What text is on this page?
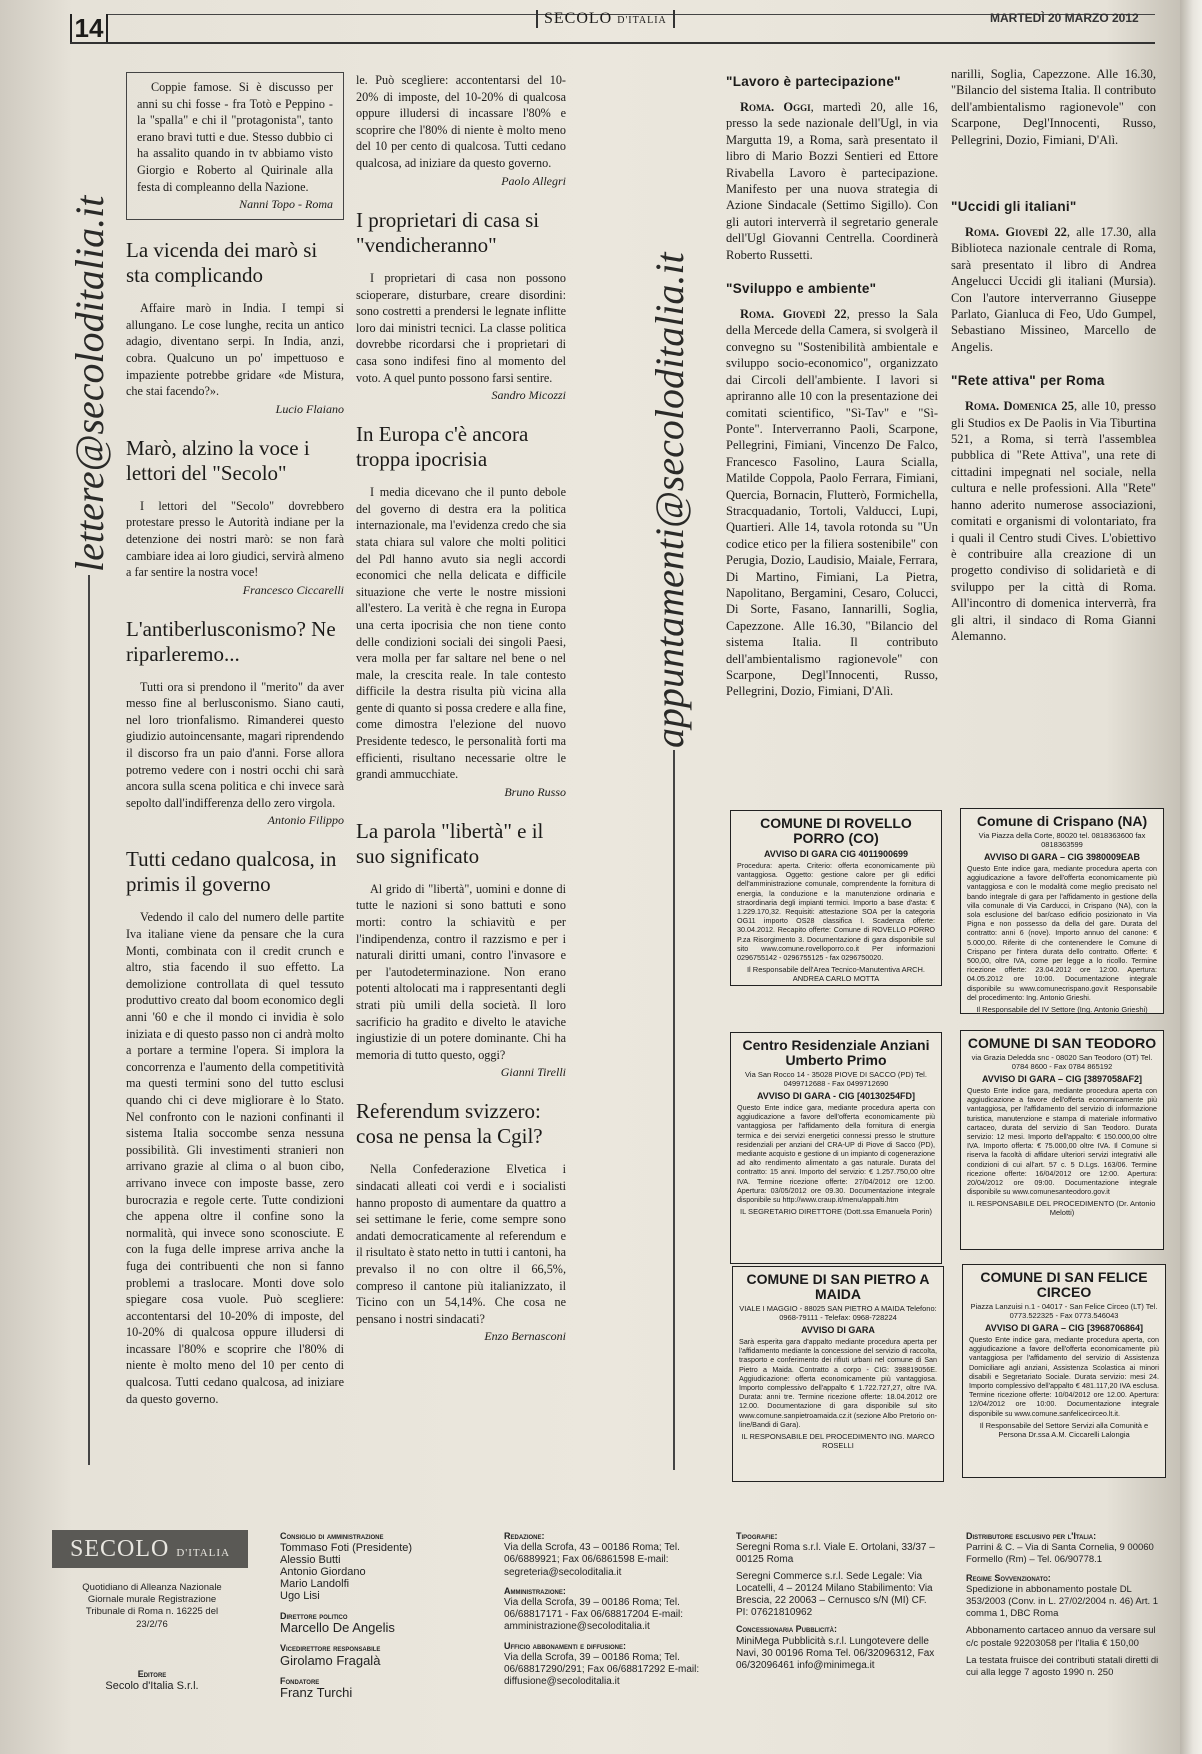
14	SECOLO D'ITALIA	MARTEDÌ 20 MARZO 2012
lettere@secoloditalia.it	appuntamenti@secoloditalia.it

Coppie famose. Si è discusso per anni su chi fosse - fra Totò e Peppino - la "spalla" e chi il "protagonista", tanto erano bravi tutti e due. Stesso dubbio ci ha assalito quando in tv abbiamo visto Giorgio e Roberto al Quirinale alla festa di compleanno della Nazione.

Nanni Topo - Roma
La vicenda dei marò si sta complicando

Affaire marò in India. I tempi si allungano. Le cose lunghe, recita un antico adagio, diventano serpi. In India, anzi, cobra. Qualcuno un po' impettuoso e impaziente potrebbe gridare «de Mistura, che stai facendo?».

Lucio Flaiano
Marò, alzino la voce i lettori del "Secolo"

I lettori del "Secolo" dovrebbero protestare presso le Autorità indiane per la detenzione dei nostri marò: se non farà cambiare idea ai loro giudici, servirà almeno a far sentire la nostra voce!

Francesco Ciccarelli
L'antiberlusconismo? Ne riparleremo...

Tutti ora si prendono il "merito" da aver messo fine al berlusconismo. Siano cauti, nel loro trionfalismo. Rimanderei questo giudizio autoincensante, magari riprendendo il discorso fra un paio d'anni. Forse allora potremo vedere con i nostri occhi chi sarà ancora sulla scena politica e chi invece sarà sepolto dall'indifferenza dello zero virgola.

Antonio Filippo
Tutti cedano qualcosa, in primis il governo

Vedendo il calo del numero delle partite Iva italiane viene da pensare che la cura Monti, combinata con il credit crunch e altro, stia facendo il suo effetto. La demolizione controllata di quel tessuto produttivo creato dal boom economico degli anni '60 e che il mondo ci invidia è solo iniziata e di questo passo non ci andrà molto a portare a termine l'opera. Si implora la concorrenza e l'aumento della competitività ma questi termini sono del tutto esclusi quando chi ci deve migliorare è lo Stato. Nel confronto con le nazioni confinanti il sistema Italia soccombe senza nessuna possibilità. Gli investimenti stranieri non arrivano grazie al clima o al buon cibo, arrivano invece con imposte basse, zero burocrazia e regole certe. Tutte condizioni che appena oltre il confine sono la normalità, qui invece sono sconosciute. E con la fuga delle imprese arriva anche la fuga dei contribuenti che non si fanno problemi a traslocare. Monti dove solo spiegare cosa vuole. Può scegliere: accontentarsi del 10-20% di imposte, del 10-20% di qualcosa oppure illudersi di incassare l'80% e scoprire che l'80% di niente è molto meno del 10 per cento di qualcosa. Tutti cedano qualcosa, ad iniziare da questo governo.

le. Può scegliere: accontentarsi del 10-20% di imposte, del 10-20% di qualcosa oppure illudersi di incassare l'80% e scoprire che l'80% di niente è molto meno del 10 per cento di qualcosa. Tutti cedano qualcosa, ad iniziare da questo governo.

Paolo Allegri
I proprietari di casa si "vendicheranno"

I proprietari di casa non possono scioperare, disturbare, creare disordini: sono costretti a prendersi le legnate inflitte loro dai ministri tecnici. La classe politica dovrebbe ricordarsi che i proprietari di casa sono indifesi fino al momento del voto. A quel punto possono farsi sentire.

Sandro Micozzi
In Europa c'è ancora troppa ipocrisia

I media dicevano che il punto debole del governo di destra era la politica internazionale, ma l'evidenza credo che sia stata chiara sul valore che molti politici del Pdl hanno avuto sia negli accordi economici che nella delicata e difficile situazione che verte le nostre missioni all'estero. La verità è che regna in Europa una certa ipocrisia che non tiene conto delle condizioni sociali dei singoli Paesi, vera molla per far saltare nel bene o nel male, la crescita reale. In tale contesto difficile la destra risulta più vicina alla gente di quanto si possa credere e alla fine, come dimostra l'elezione del nuovo Presidente tedesco, le personalità forti ma efficienti, risultano necessarie oltre le grandi ammucchiate.

Bruno Russo
La parola "libertà" e il suo significato

Al grido di "libertà", uomini e donne di tutte le nazioni si sono battuti e sono morti: contro la schiavitù e per l'indipendenza, contro il razzismo e per i naturali diritti umani, contro l'invasore e per l'autodeterminazione. Non erano potenti altolocati ma i rappresentanti degli strati più umili della società. Il loro sacrificio ha gradito e divelto le ataviche ingiustizie di un potere dominante. Chi ha memoria di tutto questo, oggi?

Gianni Tirelli
Referendum svizzero: cosa ne pensa la Cgil?

Nella Confederazione Elvetica i sindacati alleati coi verdi e i socialisti hanno proposto di aumentare da quattro a sei settimane le ferie, come sempre sono andati democraticamente al referendum e il risultato è stato netto in tutti i cantoni, ha prevalso il no con oltre il 66,5%, compreso il cantone più italianizzato, il Ticino con un 54,14%. Che cosa ne pensano i nostri sindacati?

Enzo Bernasconi
"Lavoro è partecipazione"

Roma. Oggi, martedì 20, alle 16, presso la sede nazionale dell'Ugl, in via Margutta 19, a Roma, sarà presentato il libro di Mario Bozzi Sentieri ed Ettore Rivabella Lavoro è partecipazione. Manifesto per una nuova strategia di Azione Sindacale (Settimo Sigillo). Con gli autori interverrà il segretario generale dell'Ugl Giovanni Centrella. Coordinerà Roberto Russetti.

"Sviluppo e ambiente"

Roma. Giovedì 22, presso la Sala della Mercede della Camera, si svolgerà il convegno su "Sostenibilità ambientale e sviluppo socio-economico", organizzato dai Circoli dell'ambiente. I lavori si apriranno alle 10 con la presentazione dei comitati scientifico, "Sì-Tav" e "Sì-Ponte". Interverranno Paoli, Scarpone, Pellegrini, Fimiani, Vincenzo De Falco, Francesco Fasolino, Laura Scialla, Matilde Coppola, Paolo Ferrara, Fimiani, Quercia, Bornacin, Flutterò, Formichella, Stracquadanio, Tortoli, Valducci, Lupi, Quartieri. Alle 14, tavola rotonda su "Un codice etico per la filiera sostenibile" con Perugia, Dozio, Laudisio, Maiale, Ferrara, Di Martino, Fimiani, La Pietra, Napolitano, Bergamini, Cesaro, Colucci, Di Sorte, Fasano, Iannarilli, Soglia, Capezzone. Alle 16.30, "Bilancio del sistema Italia. Il contributo dell'ambientalismo ragionevole" con Scarpone, Degl'Innocenti, Russo, Pellegrini, Dozio, Fimiani, D'Alì.

narilli, Soglia, Capezzone. Alle 16.30, "Bilancio del sistema Italia. Il contributo dell'ambientalismo ragionevole" con Scarpone, Degl'Innocenti, Russo, Pellegrini, Dozio, Fimiani, D'Alì.

"Uccidi gli italiani"

Roma. Giovedì 22, alle 17.30, alla Biblioteca nazionale centrale di Roma, sarà presentato il libro di Andrea Angelucci Uccidi gli italiani (Mursia). Con l'autore interverranno Giuseppe Parlato, Gianluca di Feo, Udo Gumpel, Sebastiano Missineo, Marcello de Angelis.

"Rete attiva" per Roma

Roma. Domenica 25, alle 10, presso gli Studios ex De Paolis in Via Tiburtina 521, a Roma, si terrà l'assemblea pubblica di "Rete Attiva", una rete di cittadini impegnati nel sociale, nella cultura e nelle professioni. Alla "Rete" hanno aderito numerose associazioni, comitati e organismi di volontariato, fra i quali il Centro studi Cives. L'obiettivo è contribuire alla creazione di un progetto condiviso di solidarietà e di sviluppo per la città di Roma. All'incontro di domenica interverrà, fra gli altri, il sindaco di Roma Gianni Alemanno.

COMUNE DI ROVELLO PORRO (CO)
AVVISO DI GARA CIG 4011900699
Procedura: aperta. Criterio: offerta economicamente più vantaggiosa. Oggetto: gestione calore per gli edifici dell'amministrazione comunale, comprendente la fornitura di energia, la conduzione e la manutenzione ordinaria e straordinaria degli impianti termici. Importo a base d'asta: € 1.229.170,32. Requisiti: attestazione SOA per la categoria OG11 importo OS28 classifica I. Scadenza offerte: 30.04.2012. Recapito offerte: Comune di ROVELLO PORRO P.za Risorgimento 3. Documentazione di gara disponibile sul sito www.comune.rovelloporro.co.it Per informazioni 0296755142 - 0296755125 - fax 0296750020.
Il Responsabile dell'Area Tecnico-Manutentiva ARCH. ANDREA CARLO MOTTA
Comune di Crispano (NA)
Via Piazza della Corte, 80020 tel. 0818363600 fax 0818363599
AVVISO DI GARA – CIG 3980009EAB
Questo Ente indice gara, mediante procedura aperta con aggiudicazione a favore dell'offerta economicamente più vantaggiosa e con le modalità come meglio precisato nel bando integrale di gara per l'affidamento in gestione della villa comunale di Via Carducci, in Crispano (NA), con la sola esclusione del bar/caso edificio posizionato in Via Pigna e non possesso da della del gare. Durata del contratto: anni 6 (nove). Importo annuo del canone: € 5.000,00. Riferite di che contenendere le Comune di Crispano per l'intera durata dello contratto. Offerte: € 500,00, oltre IVA, come per legge a lo ricollo. Termine ricezione offerte: 23.04.2012 ore 12:00. Apertura: 04.05.2012 ore 10:00. Documentazione integrale disponibile su www.comunecrispano.gov.it Responsabile del procedimento: Ing. Antonio Grieshi.
Il Responsabile del IV Settore (Ing. Antonio Grieshi)
Centro Residenziale Anziani Umberto Primo
Via San Rocco 14 - 35028 PIOVE DI SACCO (PD) Tel. 0499712688 - Fax 0499712690
AVVISO DI GARA - CIG [40130254FD]
Questo Ente indice gara, mediante procedura aperta con aggiudicazione a favore dell'offerta economicamente più vantaggiosa per l'affidamento della fornitura di energia termica e dei servizi energetici connessi presso le strutture residenziali per anziani del CRA-UP di Piove di Sacco (PD), mediante acquisto e gestione di un impianto di cogenerazione ad alto rendimento alimentato a gas naturale. Durata del contratto: 15 anni. Importo del servizio: € 1.257.750,00 oltre IVA. Termine ricezione offerte: 27/04/2012 ore 12:00. Apertura: 03/05/2012 ore 09.30. Documentazione integrale disponibile su http://www.craup.it/menu/appalti.htm
IL SEGRETARIO DIRETTORE (Dott.ssa Emanuela Porin)
COMUNE DI SAN TEODORO
via Grazia Deledda snc - 08020 San Teodoro (OT) Tel. 0784 8600 - Fax 0784 865192
AVVISO DI GARA – CIG [3897058AF2]
Questo Ente indice gara, mediante procedura aperta con aggiudicazione a favore dell'offerta economicamente più vantaggiosa, per l'affidamento del servizio di informazione turistica, manutenzione e stampa di materiale informativo cartaceo, durata del servizio di San Teodoro. Durata servizio: 12 mesi. Importo dell'appalto: € 150.000,00 oltre IVA. Importo offerta: € 75.000,00 oltre IVA. Il Comune si riserva la facoltà di affidare ulteriori servizi integrativi alle condizioni di cui all'art. 57 c. 5 D.Lgs. 163/06. Termine ricezione offerte: 16/04/2012 ore 12:00. Apertura: 20/04/2012 ore 09:00. Documentazione integrale disponibile su www.comunesanteodoro.gov.it
IL RESPONSABILE DEL PROCEDIMENTO (Dr. Antonio Melotti)
COMUNE DI SAN PIETRO A MAIDA
VIALE I MAGGIO - 88025 SAN PIETRO A MAIDA Telefono: 0968-79111 - Telefax: 0968-728224
AVVISO DI GARA
Sarà esperita gara d'appalto mediante procedura aperta per l'affidamento mediante la concessione del servizio di raccolta, trasporto e conferimento dei rifiuti urbani nel comune di San Pietro a Maida. Contratto a corpo - CIG: 398819056E. Aggiudicazione: offerta economicamente più vantaggiosa. Importo complessivo dell'appalto € 1.722.727,27, oltre IVA. Durata: anni tre. Termine ricezione offerte: 18.04.2012 ore 12.00. Documentazione di gara disponibile sul sito www.comune.sanpietroamaida.cz.it (sezione Albo Pretorio on-line/Bandi di Gara).
IL RESPONSABILE DEL PROCEDIMENTO ING. MARCO ROSELLI
COMUNE DI SAN FELICE CIRCEO
Piazza Lanzuisi n.1 - 04017 - San Felice Circeo (LT) Tel. 0773.522325 - Fax 0773.546043
AVVISO DI GARA – CIG [3968706864]
Questo Ente indice gara, mediante procedura aperta, con aggiudicazione a favore dell'offerta economicamente più vantaggiosa per l'affidamento del servizio di Assistenza Domiciliare agli anziani, Assistenza Scolastica ai minori disabili e Segretariato Sociale. Durata servizio: mesi 24. Importo complessivo dell'appalto € 481.117,20 IVA esclusa. Termine ricezione offerte: 10/04/2012 ore 12.00. Apertura: 12/04/2012 ore 10:00. Documentazione integrale disponibile su www.comune.sanfelicecirceo.lt.it.
Il Responsabile del Settore Servizi alla Comunità e Persona Dr.ssa A.M. Ciccarelli Lalongia
SECOLO D'ITALIA
Quotidiano di Alleanza Nazionale Giornale murale Registrazione Tribunale di Roma n. 16225 del 23/2/76
Editore
Secolo d'Italia S.r.l.
Consiglio di amministrazione
Tommaso Foti (Presidente)
Alessio Butti
Antonio Giordano
Mario Landolfi
Ugo Lisi
Direttore politico
Marcello De Angelis
Vicedirettore responsabile
Girolamo Fragalà
Fondatore
Franz Turchi
Redazione:
Via della Scrofa, 43 – 00186 Roma; Tel. 06/6889921; Fax 06/6861598 E-mail: segreteria@secoloditalia.it
Amministrazione:
Via della Scrofa, 39 – 00186 Roma; Tel. 06/68817171 - Fax 06/68817204 E-mail: amministrazione@secoloditalia.it
Ufficio abbonamenti e diffusione:
Via della Scrofa, 39 – 00186 Roma; Tel. 06/68817290/291; Fax 06/68817292 E-mail: diffusione@secoloditalia.it
Tipografie:
Seregni Roma s.r.l. Viale E. Ortolani, 33/37 – 00125 Roma
Seregni Commerce s.r.l. Sede Legale: Via Locatelli, 4 – 20124 Milano Stabilimento: Via Brescia, 22 20063 – Cernusco s/N (MI) CF. PI: 07621810962
Concessionaria Pubblicità:
MiniMega Pubblicità s.r.l. Lungotevere delle Navi, 30 00196 Roma Tel. 06/32096312, Fax 06/32096461 info@minimega.it
Distributore esclusivo per l'Italia:
Parrini & C. – Via di Santa Cornelia, 9 00060 Formello (Rm) – Tel. 06/90778.1
Regime Sovvenzionato:
Spedizione in abbonamento postale DL 353/2003 (Conv. in L. 27/02/2004 n. 46) Art. 1 comma 1, DBC Roma
Abbonamento cartaceo annuo da versare sul c/c postale 92203058 per l'Italia € 150,00
La testata fruisce dei contributi statali diretti di cui alla legge 7 agosto 1990 n. 250
